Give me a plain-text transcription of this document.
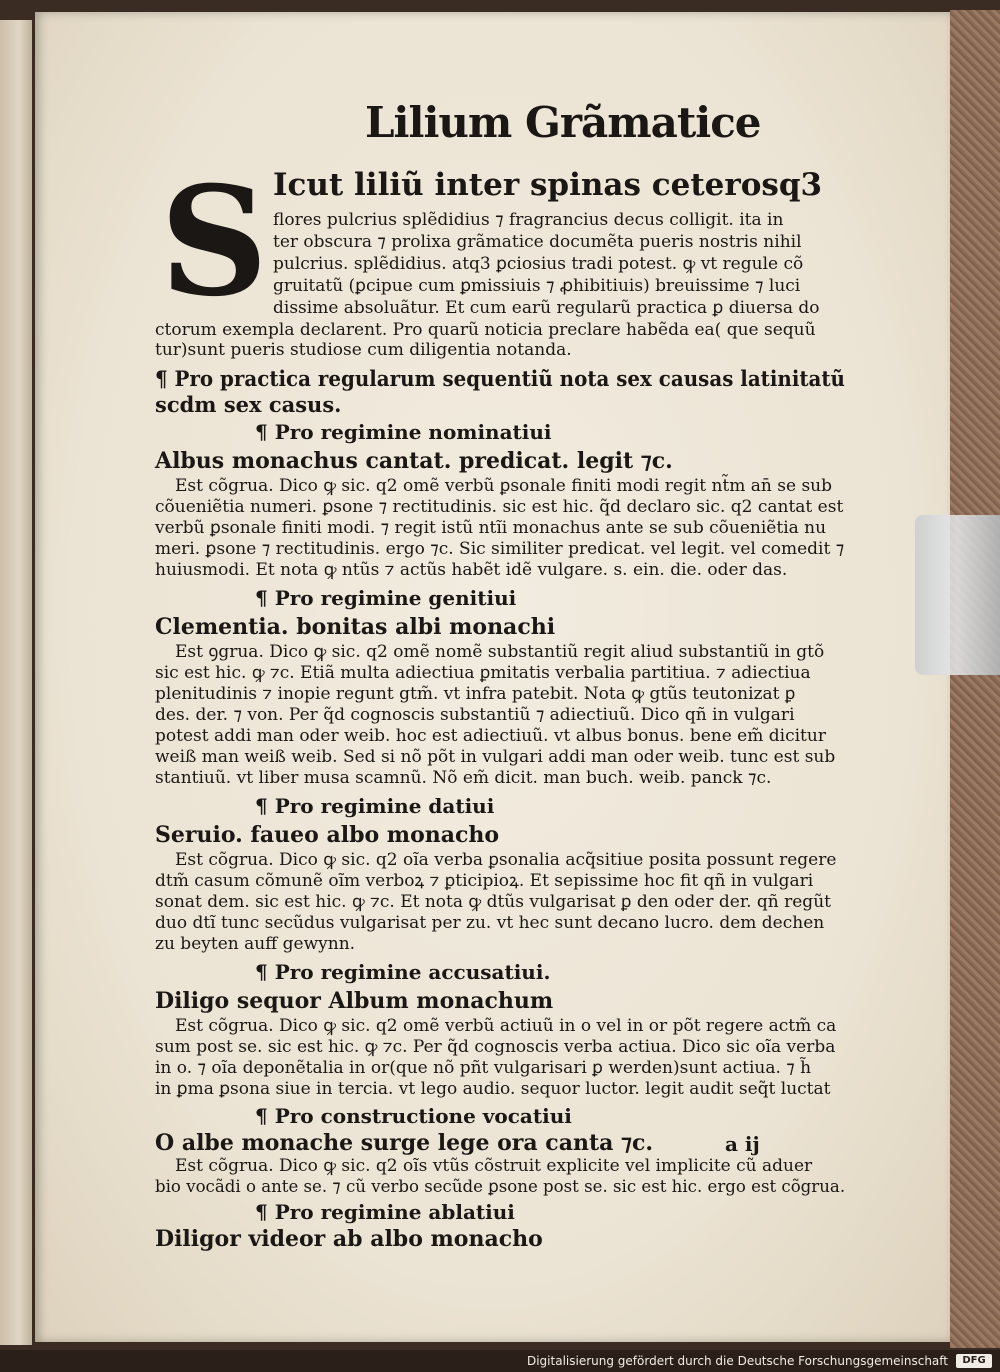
Lilium Grãmatice
S Icut liliũ inter spinas ceterosq3
flores pulcrius splẽdidius ⁊ fragrancius decus colligit. ita in
ter obscura ⁊ prolixa grãmatice documẽta pueris nostris nihil
pulcrius. splẽdidius. atq3 ꝑciosius tradi potest. ꝙ vt regule cõ
gruitatũ (ꝑcipue cum ꝑmissiuis ⁊ ꝓhibitiuis) breuissime ⁊ luci
dissime absoluãtur. Et cum earũ regularũ practica ꝑ diuersa do
ctorum exempla declarent. Pro quarũ noticia preclare habẽda ea( que sequũ
tur)sunt pueris studiose cum diligentia notanda.
¶ Pro practica regularum sequentiũ nota sex causas latinitatũ
scdm sex casus.
¶ Pro regimine nominatiui
Albus monachus cantat. predicat. legit ⁊c.
Est cõgrua. Dico ꝙ sic. q2 omẽ verbũ ꝑsonale finiti modi regit nt̃m an̄ se sub
cõueniẽtia numeri. ꝑsone ⁊ rectitudinis. sic est hic. q̃d declaro sic. q2 cantat est
verbũ ꝑsonale finiti modi. ⁊ regit istũ ntĩi monachus ante se sub cõueniẽtia nu
meri. ꝑsone ⁊ rectitudinis. ergo ⁊c. Sic similiter predicat. vel legit. vel comedit ⁊
huiusmodi. Et nota ꝙ ntũs ⁊ actũs habẽt idẽ vulgare. s. ein. die. oder das.
¶ Pro regimine genitiui
Clementia. bonitas albi monachi
Est ꝯgrua. Dico ꝙ sic. q2 omẽ nomẽ substantiũ regit aliud substantiũ in gtõ
sic est hic. ꝙ ⁊c. Etiã multa adiectiua ꝑmitatis verbalia partitiua. ⁊ adiectiua
plenitudinis ⁊ inopie regunt gtm̃. vt infra patebit. Nota ꝙ gtũs teutonizat ꝑ
des. der. ⁊ von. Per q̃d cognoscis substantiũ ⁊ adiectiuũ. Dico qñ in vulgari
potest addi man oder weib. hoc est adiectiuũ. vt albus bonus. bene em̃ dicitur
weiß man weiß weib. Sed si nõ põt in vulgari addi man oder weib. tunc est sub
stantiuũ. vt liber musa scamnũ. Nõ em̃ dicit. man buch. weib. panck ⁊c.
¶ Pro regimine datiui
Seruio. faueo albo monacho
Est cõgrua. Dico ꝙ sic. q2 oĩa verba ꝑsonalia acq̃sitiue posita possunt regere
dtm̃ casum cõmunẽ oĩm verboꝝ ⁊ ꝑticipioꝝ. Et sepissime hoc fit qñ in vulgari
sonat dem. sic est hic. ꝙ ⁊c. Et nota ꝙ dtũs vulgarisat ꝑ den oder der. qñ regũt
duo dtĩ tunc secũdus vulgarisat per zu. vt hec sunt decano lucro. dem dechen
zu beyten auff gewynn.
¶ Pro regimine accusatiui.
Diligo sequor Album monachum
Est cõgrua. Dico ꝙ sic. q2 omẽ verbũ actiuũ in o vel in or põt regere actm̃ ca
sum post se. sic est hic. ꝙ ⁊c. Per q̃d cognoscis verba actiua. Dico sic oĩa verba
in o. ⁊ oĩa deponẽtalia in or(que nõ pñt vulgarisari ꝑ werden)sunt actiua. ⁊ h̃
in ꝑma ꝑsona siue in tercia. vt lego audio. sequor luctor. legit audit seq̃t luctat
¶ Pro constructione vocatiui
O albe monache surge lege ora canta ⁊c.
Est cõgrua. Dico ꝙ sic. q2 oĩs vtũs cõstruit explicite vel implicite cũ aduer
bio vocãdi o ante se. ⁊ cũ verbo secũde ꝑsone post se. sic est hic. ergo est cõgrua.
¶ Pro regimine ablatiui
Diligor videor ab albo monacho
a ij
Digitalisierung gefördert durch die Deutsche Forschungsgemeinschaft	DFG
